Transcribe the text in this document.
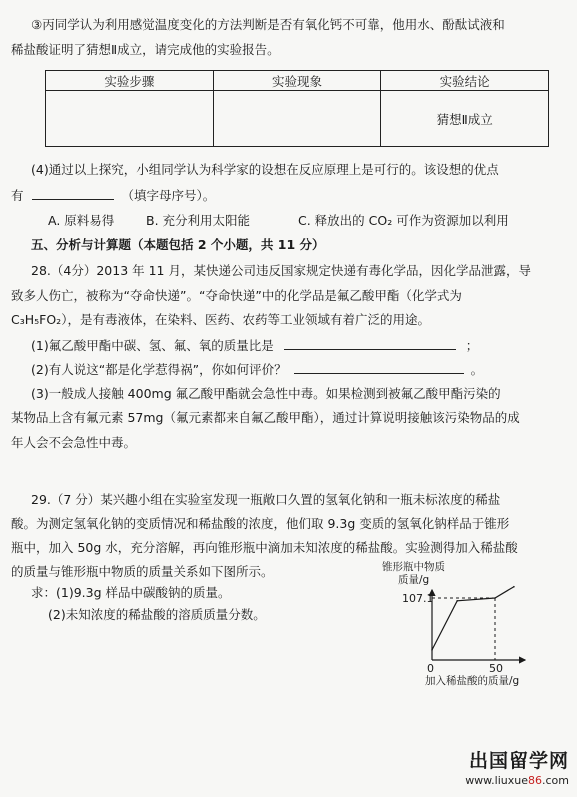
③丙同学认为利用感觉温度变化的方法判断是否有氧化钙不可靠，他用水、酚酞试液和
稀盐酸证明了猜想Ⅱ成立，请完成他的实验报告。
实验步骤	实验现象	实验结论
		猜想Ⅱ成立
(4)通过以上探究，小组同学认为科学家的设想在反应原理上是可行的。该设想的优点
有	（填字母序号）。
A. 原料易得	B. 充分利用太阳能	C. 释放出的 CO₂ 可作为资源加以利用
五、分析与计算题（本题包括 2 个小题，共 11 分）
28.（4分）2013 年 11 月，某快递公司违反国家规定快递有毒化学品，因化学品泄露，导
致多人伤亡，被称为“夺命快递”。“夺命快递”中的化学品是氟乙酸甲酯（化学式为
C₃H₅FO₂），是有毒液体，在染料、医药、农药等工业领域有着广泛的用途。
(1)氟乙酸甲酯中碳、氢、氟、氧的质量比是	；
(2)有人说这“都是化学惹得祸”，你如何评价？	。
(3)一般成人接触 400mg 氟乙酸甲酯就会急性中毒。如果检测到被氟乙酸甲酯污染的
某物品上含有氟元素 57mg（氟元素都来自氟乙酸甲酯），通过计算说明接触该污染物品的成
年人会不会急性中毒。
29.（7 分）某兴趣小组在实验室发现一瓶敞口久置的氢氧化钠和一瓶未标浓度的稀盐
酸。为测定氢氧化钠的变质情况和稀盐酸的浓度，他们取 9.3g 变质的氢氧化钠样品于锥形
瓶中，加入 50g 水，充分溶解，再向锥形瓶中滴加未知浓度的稀盐酸。实验测得加入稀盐酸
的质量与锥形瓶中物质的质量关系如下图所示。
求：(1)9.3g 样品中碳酸钠的质量。
(2)未知浓度的稀盐酸的溶质质量分数。
锥形瓶中物质
质量/g
107.1
0	50
加入稀盐酸的质量/g
出国留学网
www.liuxue86.com
